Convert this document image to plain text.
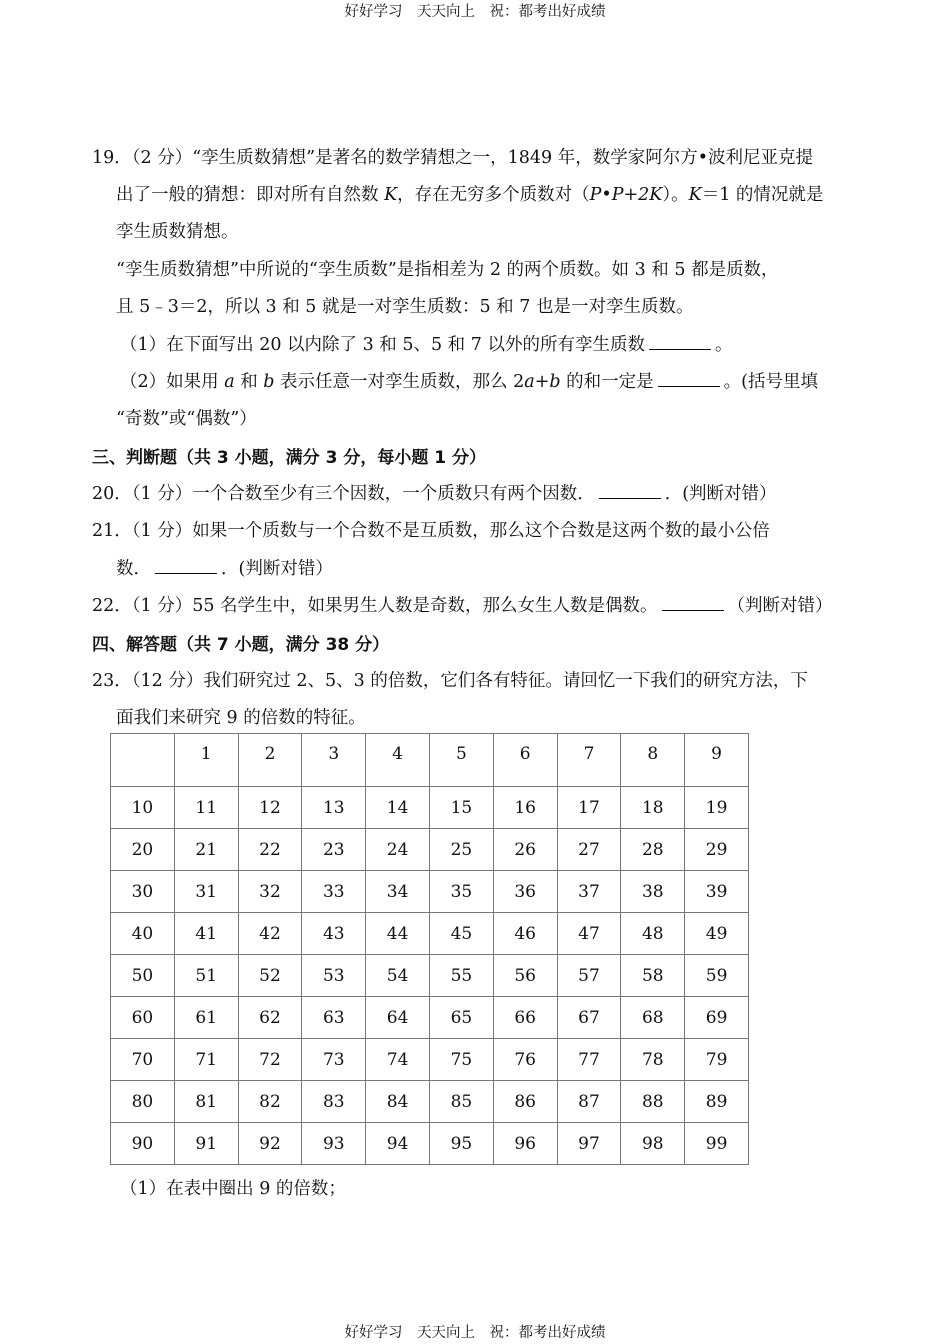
好好学习　天天向上　祝：都考出好成绩
19．（2 分）“孪生质数猜想”是著名的数学猜想之一，1849 年，数学家阿尔方•波利尼亚克提
出了一般的猜想：即对所有自然数 K，存在无穷多个质数对（P•P+2K）。K＝1 的情况就是
孪生质数猜想。
“孪生质数猜想”中所说的“孪生质数”是指相差为 2 的两个质数。如 3 和 5 都是质数，
且 5﹣3＝2，所以 3 和 5 就是一对孪生质数：5 和 7 也是一对孪生质数。
（1）在下面写出 20 以内除了 3 和 5、5 和 7 以外的所有孪生质数	。
（2）如果用 a 和 b 表示任意一对孪生质数，那么 2a+b 的和一定是	。(括号里填
“奇数”或“偶数”）
三、判断题（共 3 小题，满分 3 分，每小题 1 分）
20．（1 分）一个合数至少有三个因数，一个质数只有两个因数．	．(判断对错）
21．（1 分）如果一个质数与一个合数不是互质数，那么这个合数是这两个数的最小公倍
数．	．(判断对错）
22．（1 分）55 名学生中，如果男生人数是奇数，那么女生人数是偶数。	（判断对错）
四、解答题（共 7 小题，满分 38 分）
23．（12 分）我们研究过 2、5、3 的倍数，它们各有特征。请回忆一下我们的研究方法，下
面我们来研究 9 的倍数的特征。
	1	2	3	4	5	6	7	8	9
10	11	12	13	14	15	16	17	18	19
20	21	22	23	24	25	26	27	28	29
30	31	32	33	34	35	36	37	38	39
40	41	42	43	44	45	46	47	48	49
50	51	52	53	54	55	56	57	58	59
60	61	62	63	64	65	66	67	68	69
70	71	72	73	74	75	76	77	78	79
80	81	82	83	84	85	86	87	88	89
90	91	92	93	94	95	96	97	98	99
（1）在表中圈出 9 的倍数；
好好学习　天天向上　祝：都考出好成绩
